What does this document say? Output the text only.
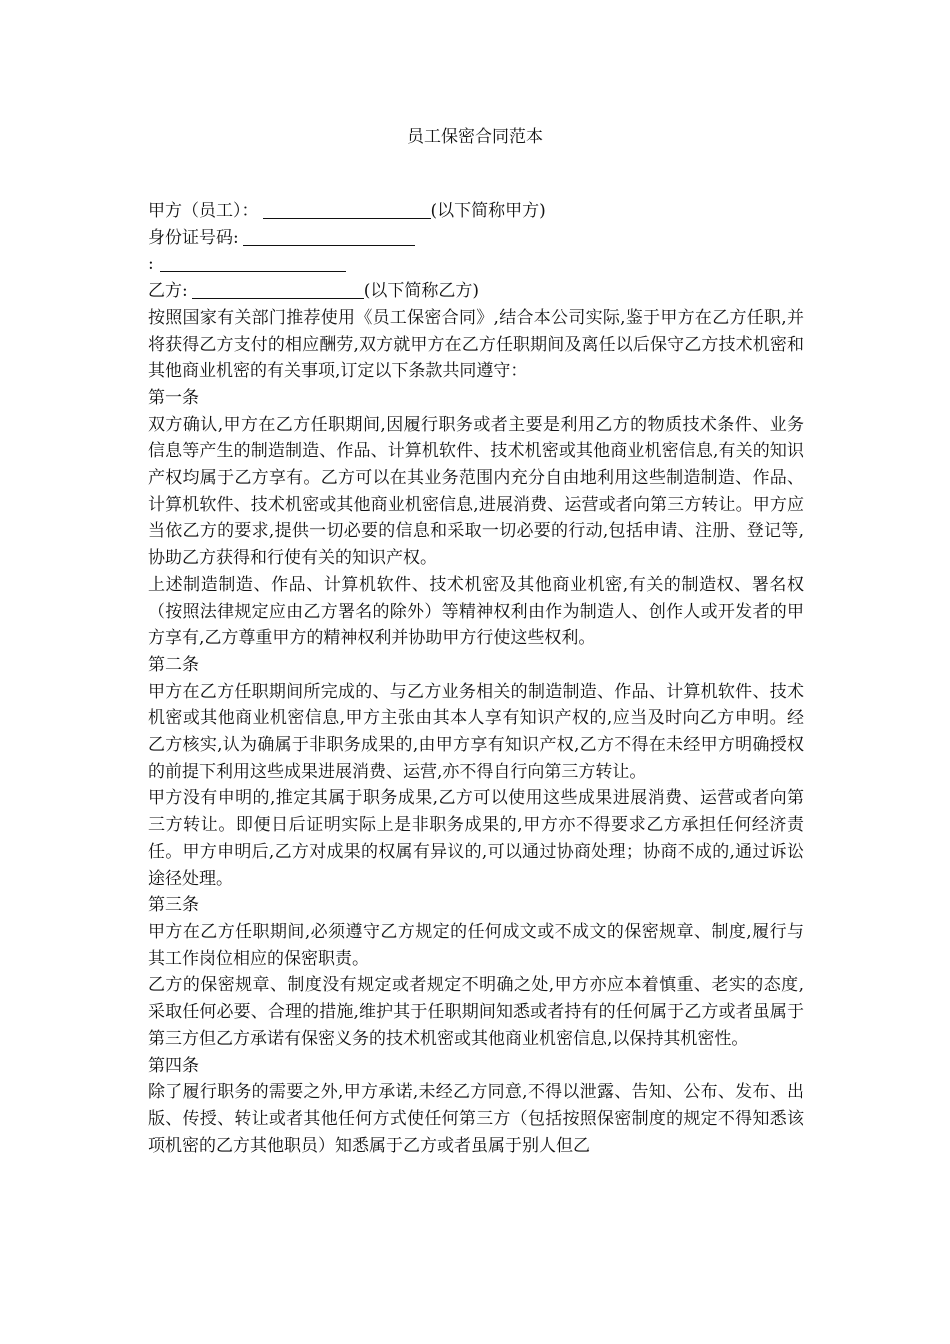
员工保密合同范本

甲方（员工）：	(以下简称甲方)

身份证号码:

:

乙方:	(以下简称乙方)

按照国家有关部门推荐使用《员工保密合同》,结合本公司实际,鉴于甲方在乙方任职,并将获得乙方支付的相应酬劳,双方就甲方在乙方任职期间及离任以后保守乙方技术机密和其他商业机密的有关事项,订定以下条款共同遵守：

第一条

双方确认,甲方在乙方任职期间,因履行职务或者主要是利用乙方的物质技术条件、业务信息等产生的制造制造、作品、计算机软件、技术机密或其他商业机密信息,有关的知识产权均属于乙方享有。乙方可以在其业务范围内充分自由地利用这些制造制造、作品、计算机软件、技术机密或其他商业机密信息,进展消费、运营或者向第三方转让。甲方应当依乙方的要求,提供一切必要的信息和采取一切必要的行动,包括申请、注册、登记等,协助乙方获得和行使有关的知识产权。

上述制造制造、作品、计算机软件、技术机密及其他商业机密,有关的制造权、署名权（按照法律规定应由乙方署名的除外）等精神权利由作为制造人、创作人或开发者的甲方享有,乙方尊重甲方的精神权利并协助甲方行使这些权利。

第二条

甲方在乙方任职期间所完成的、与乙方业务相关的制造制造、作品、计算机软件、技术机密或其他商业机密信息,甲方主张由其本人享有知识产权的,应当及时向乙方申明。经乙方核实,认为确属于非职务成果的,由甲方享有知识产权,乙方不得在未经甲方明确授权的前提下利用这些成果进展消费、运营,亦不得自行向第三方转让。

甲方没有申明的,推定其属于职务成果,乙方可以使用这些成果进展消费、运营或者向第三方转让。即便日后证明实际上是非职务成果的,甲方亦不得要求乙方承担任何经济责任。甲方申明后,乙方对成果的权属有异议的,可以通过协商处理；协商不成的,通过诉讼途径处理。

第三条

甲方在乙方任职期间,必须遵守乙方规定的任何成文或不成文的保密规章、制度,履行与其工作岗位相应的保密职责。

乙方的保密规章、制度没有规定或者规定不明确之处,甲方亦应本着慎重、老实的态度,采取任何必要、合理的措施,维护其于任职期间知悉或者持有的任何属于乙方或者虽属于第三方但乙方承诺有保密义务的技术机密或其他商业机密信息,以保持其机密性。

第四条

除了履行职务的需要之外,甲方承诺,未经乙方同意,不得以泄露、告知、公布、发布、出版、传授、转让或者其他任何方式使任何第三方（包括按照保密制度的规定不得知悉该项机密的乙方其他职员）知悉属于乙方或者虽属于别人但乙
